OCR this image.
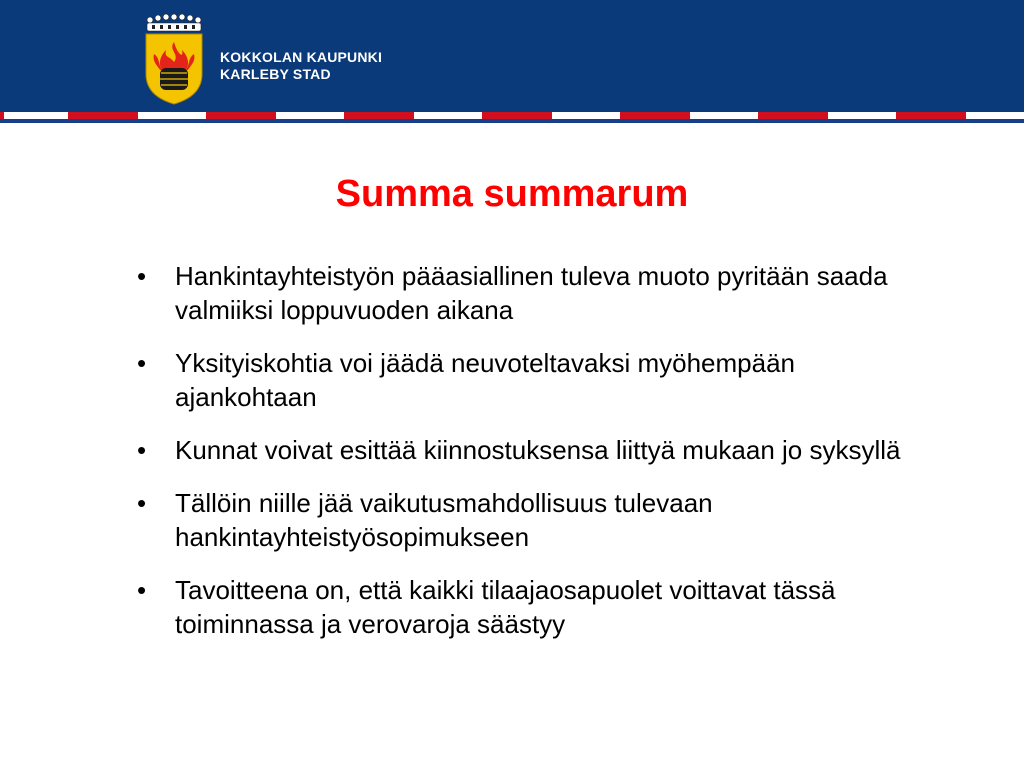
KOKKOLAN KAUPUNKI
KARLEBY STAD
Summa summarum
•	Hankintayhteistyön pääasiallinen tuleva muoto pyritään saada valmiiksi loppuvuoden aikana
•	Yksityiskohtia voi jäädä neuvoteltavaksi myöhempään ajankohtaan
•	Kunnat voivat esittää kiinnostuksensa liittyä mukaan jo syksyllä
•	Tällöin niille jää vaikutusmahdollisuus tulevaan hankintayhteistyösopimukseen
•	Tavoitteena on, että kaikki tilaajaosapuolet voittavat tässä toiminnassa ja verovaroja säästyy
